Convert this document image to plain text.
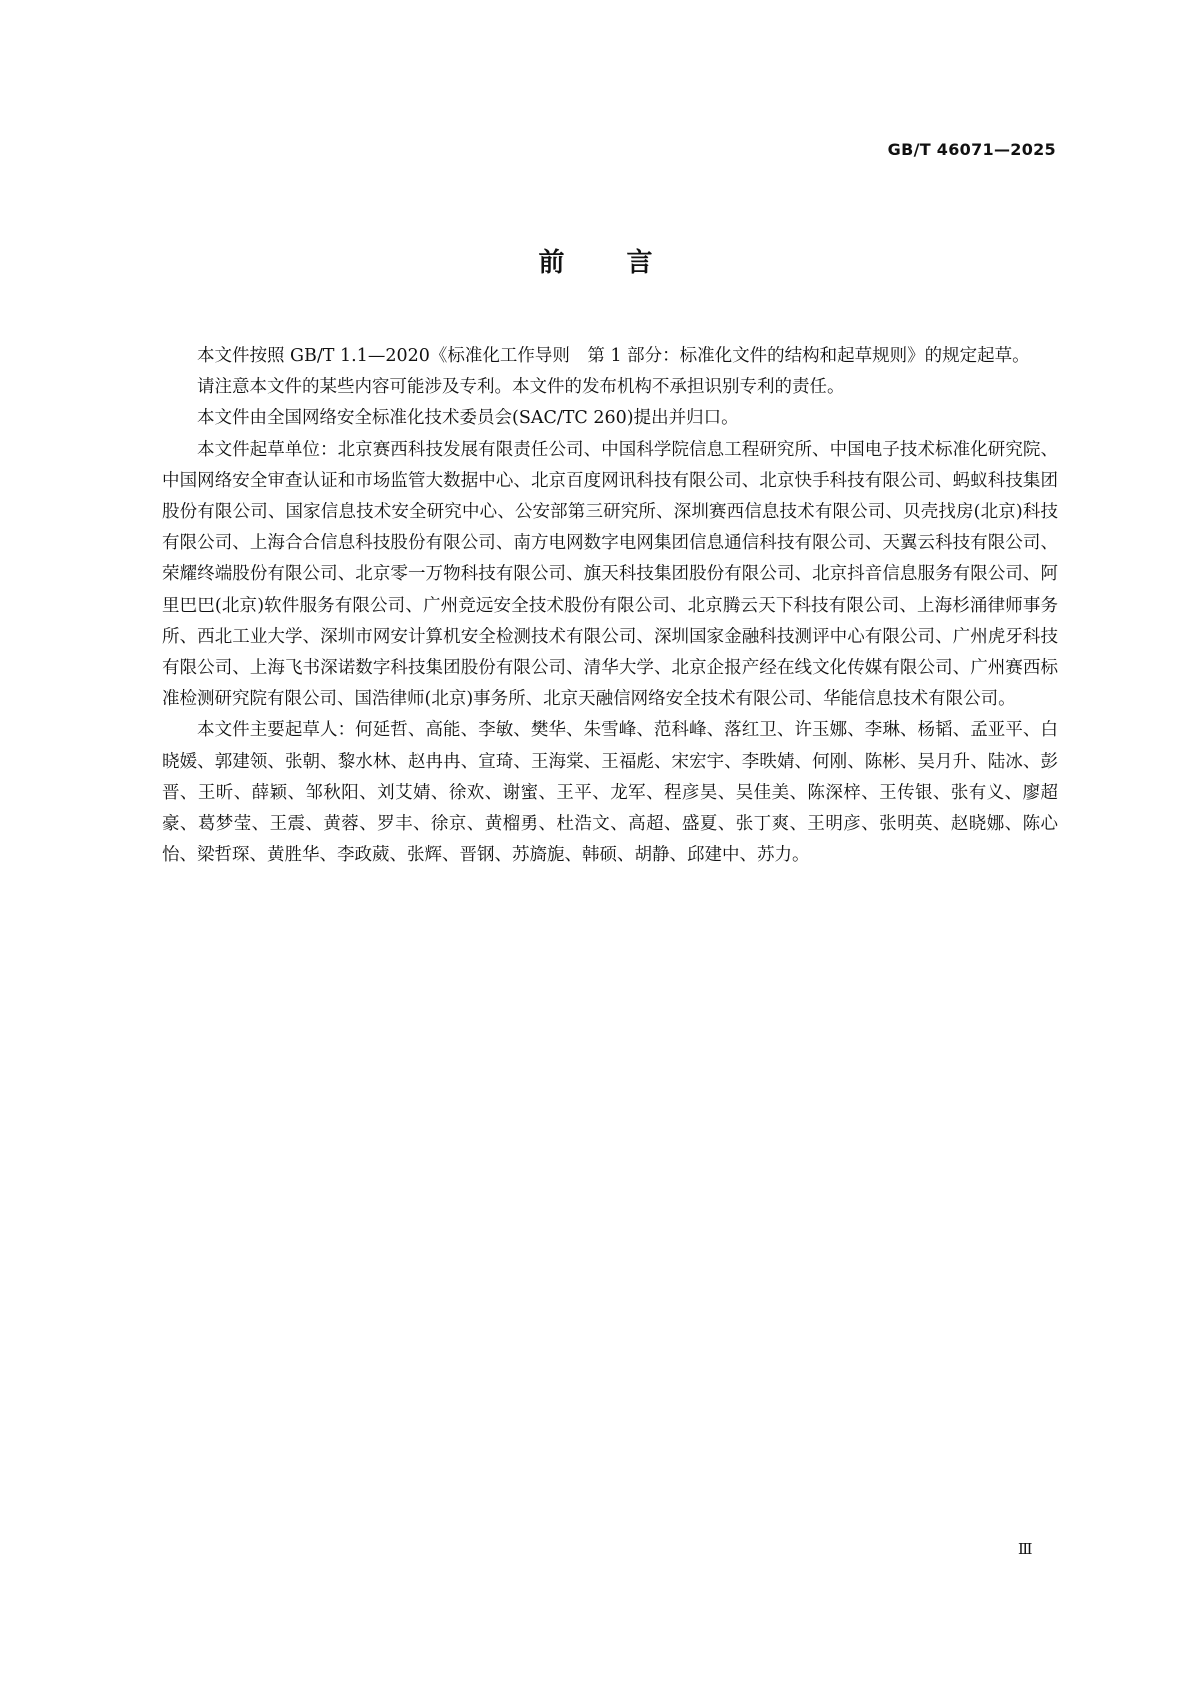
GB/T 46071—2025
前言

本文件按照 GB/T 1.1—2020《标准化工作导则　第 1 部分：标准化文件的结构和起草规则》的规定起草。

请注意本文件的某些内容可能涉及专利。本文件的发布机构不承担识别专利的责任。

本文件由全国网络安全标准化技术委员会(SAC/TC 260)提出并归口。

本文件起草单位：北京赛西科技发展有限责任公司、中国科学院信息工程研究所、中国电子技术标准化研究院、中国网络安全审查认证和市场监管大数据中心、北京百度网讯科技有限公司、北京快手科技有限公司、蚂蚁科技集团股份有限公司、国家信息技术安全研究中心、公安部第三研究所、深圳赛西信息技术有限公司、贝壳找房(北京)科技有限公司、上海合合信息科技股份有限公司、南方电网数字电网集团信息通信科技有限公司、天翼云科技有限公司、荣耀终端股份有限公司、北京零一万物科技有限公司、旗天科技集团股份有限公司、北京抖音信息服务有限公司、阿里巴巴(北京)软件服务有限公司、广州竞远安全技术股份有限公司、北京腾云天下科技有限公司、上海杉涌律师事务所、西北工业大学、深圳市网安计算机安全检测技术有限公司、深圳国家金融科技测评中心有限公司、广州虎牙科技有限公司、上海飞书深诺数字科技集团股份有限公司、清华大学、北京企报产经在线文化传媒有限公司、广州赛西标准检测研究院有限公司、国浩律师(北京)事务所、北京天融信网络安全技术有限公司、华能信息技术有限公司。

本文件主要起草人：何延哲、高能、李敏、樊华、朱雪峰、范科峰、落红卫、许玉娜、李琳、杨韬、孟亚平、白晓媛、郭建领、张朝、黎水林、赵冉冉、宣琦、王海棠、王福彪、宋宏宇、李昳婧、何刚、陈彬、吴月升、陆冰、彭晋、王昕、薛颖、邹秋阳、刘艾婧、徐欢、谢蜜、王平、龙军、程彦昊、吴佳美、陈深梓、王传银、张有义、廖超豪、葛梦莹、王震、黄蓉、罗丰、徐京、黄榴勇、杜浩文、高超、盛夏、张丁爽、王明彦、张明英、赵晓娜、陈心怡、梁哲琛、黄胜华、李政葳、张辉、晋钢、苏旖旎、韩硕、胡静、邱建中、苏力。

Ⅲ
